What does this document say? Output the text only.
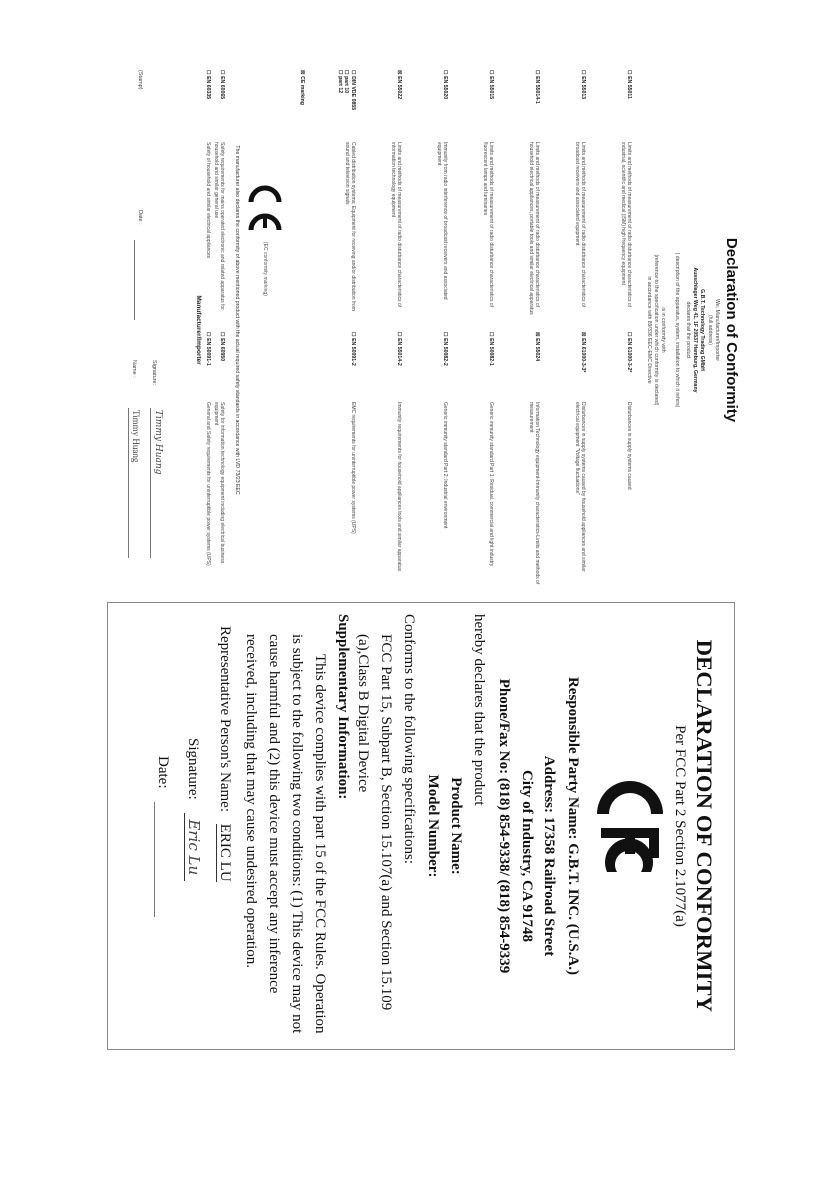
Declaration of Conformity
We, Manufacturer/Importer
(full address)
G.B.T. Technology Trading GMbH
Ausschlager Weg 41, 1F 20537 Hamburg, Germany
declares that the product
( description of the apparatus, system, installation to which it refers)
is in conformity with
(reference to the specification under which conformity is declared)
in accordance with 89/336 EEC-EMC Directive
☐ EN 55011
Limits and methods of measurement of radio disturbance characteristics of industrial, scientific and medical (ISM) high frequency equipment
☐ EN 61000-3-2*
Disturbances in supply systems caused
☐ EN 55013
Limits and methods of measurement of radio disturbance characteristics of broadcast receivers and associated equipment
☒ EN 61000-3-3*
Disturbances in supply systems caused by household appliances and similar electrical equipment "Voltage fluctuations"
☐ EN 55014-1
Limits and methods of measurement of radio disturbance characteristics of household electrical appliances, portable tools and similar electrical apparatus
☒ EN 55024
Information Technology equipment-Immunity characteristics-Limits and methods of measurement
☐ EN 55015
Limits and methods of measurement of radio disturbance characteristics of fluorescent lamps and luminaries
☐ EN 50082-1
Generic immunity standard Part 1: Residual, commercial and light industry
☐ EN 55020
Immunity from radio interference of broadcast receivers and associated equipment
☐ EN 50082-2
Generic immunity standard Part 2: Industrial environment
☒ EN 55022
Limits and methods of measurement of radio disturbance characteristics of information technology equipment
☐ EN 55014-2
Immunity requirements for household appliances tools and similar apparatus
☐ DIN VDE 0855
☐ part 10
☐ part 12
Cabled distribution systems; Equipment for receiving and/or distribution from sound and television signals
☐ EN 50091-2
EMC requirements for uninterruptible power systems (UPS)
☒ CE marking
(EC conformity marking)
The manufacturer also declares the conformity of above mentioned product with the actual required safety standards in accordance with LVD 73/23 EEC
☐ EN 60065
Safety requirements for mains operated electronic and related apparatus for household and similar general use
☐ EN 60950
Safety for information technology equipment including electrical business equipment
☐ EN 60335
Safety of household and similar electrical appliances
☐ EN 50091-1
General and Safety requirements for uninterruptible power systems (UPS)
Manufacturer/Importer
(Stamp)
Date :
Signature:
Timmy Huang
Name :
Timmy Huang
DECLARATION OF CONFORMITY
Per FCC Part 2 Section 2.1077(a)
FC
Responsible Party Name: G.B.T. INC. (U.S.A.)
Address: 17358 Railroad Street
City of Industry, CA 91748
Phone/Fax No: (818) 854-9338/ (818) 854-9339
hereby declares that the product
Product Name:
Model Number:
Conforms to the following specifications:
FCC Part 15, Subpart B, Section 15.107(a) and Section 15.109
(a),Class B Digital Device
Supplementary Information:
This device complies with part 15 of the FCC Rules. Operation is subject to the following two conditions: (1) This device may not cause harmful and (2) this device must accept any inference received, including that may cause undesired operation.
Representative Person's Name: ERIC LU
Signature: Eric Lu
Date:
